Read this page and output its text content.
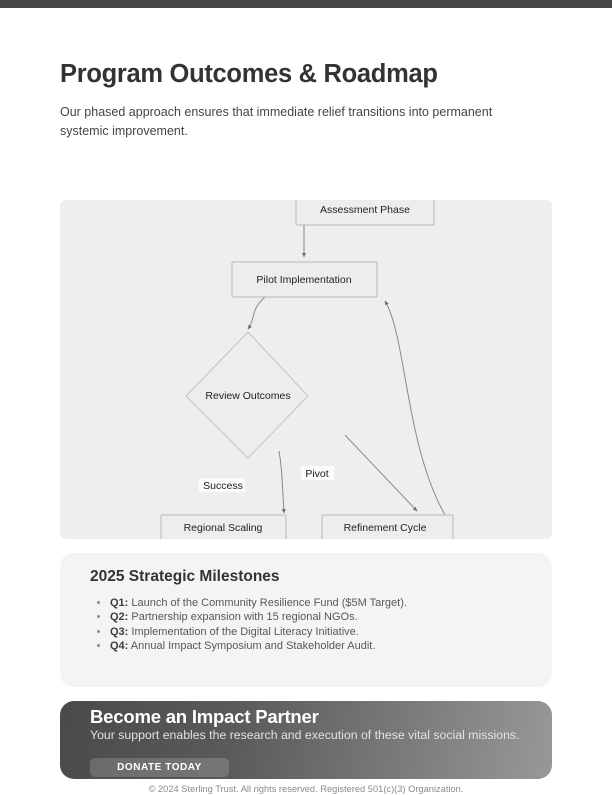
Program Outcomes & Roadmap

Our phased approach ensures that immediate relief transitions into permanent systemic improvement.

Assessment Phase
Pilot Implementation
Review Outcomes
Regional Scaling	Refinement Cycle
Success
Pivot
2025 Strategic Milestones
• Q1: Launch of the Community Resilience Fund ($5M Target).
• Q2: Partnership expansion with 15 regional NGOs.
• Q3: Implementation of the Digital Literacy Initiative.
• Q4: Annual Impact Symposium and Stakeholder Audit.
Become an Impact Partner

Your support enables the research and execution of these vital social missions.

DONATE TODAY

© 2024 Sterling Trust. All rights reserved. Registered 501(c)(3) Organization.
